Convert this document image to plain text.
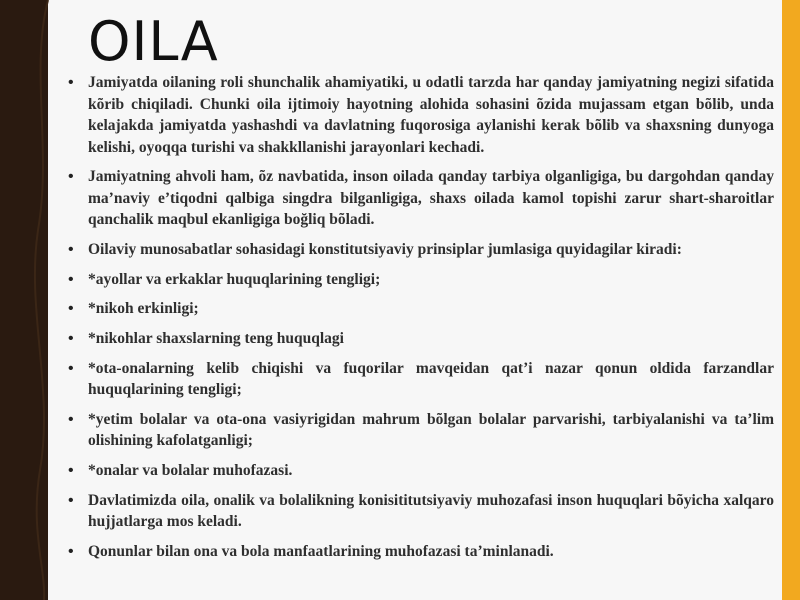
OILA
• Jamiyatda oilaning roli shunchalik ahamiyatiki, u odatli tarzda har qanday jamiyatning negizi sifatida kõrib chiqiladi. Chunki oila ijtimoiy hayotning alohida sohasini õzida mujassam etgan bõlib, unda kelajakda jamiyatda yashashdi va davlatning fuqorosiga aylanishi kerak bõlib va shaxsning dunyoga kelishi, oyoqqa turishi va shakkllanishi jarayonlari kechadi.
• Jamiyatning ahvoli ham, õz navbatida, inson oilada qanday tarbiya olganligiga, bu dargohdan qanday ma’naviy e’tiqodni qalbiga singdra bilganligiga, shaxs oilada kamol topishi zarur shart-sharoitlar qanchalik maqbul ekanligiga boğliq bõladi.
• Oilaviy munosabatlar sohasidagi konstitutsiyaviy prinsiplar jumlasiga quyidagilar kiradi:
• *ayollar va erkaklar huquqlarining tengligi;
• *nikoh erkinligi;
• *nikohlar shaxslarning teng huquqlagi
• *ota-onalarning kelib chiqishi va fuqorilar mavqeidan qat’i nazar qonun oldida farzandlar huquqlarining tengligi;
• *yetim bolalar va ota-ona vasiyrigidan mahrum bõlgan bolalar parvarishi, tarbiyalanishi va ta’lim olishining kafolatganligi;
• *onalar va bolalar muhofazasi.
• Davlatimizda oila, onalik va bolalikning konisititutsiyaviy muhozafasi inson huquqlari bõyicha xalqaro hujjatlarga mos keladi.
• Qonunlar bilan ona va bola manfaatlarining muhofazasi ta’minlanadi.
